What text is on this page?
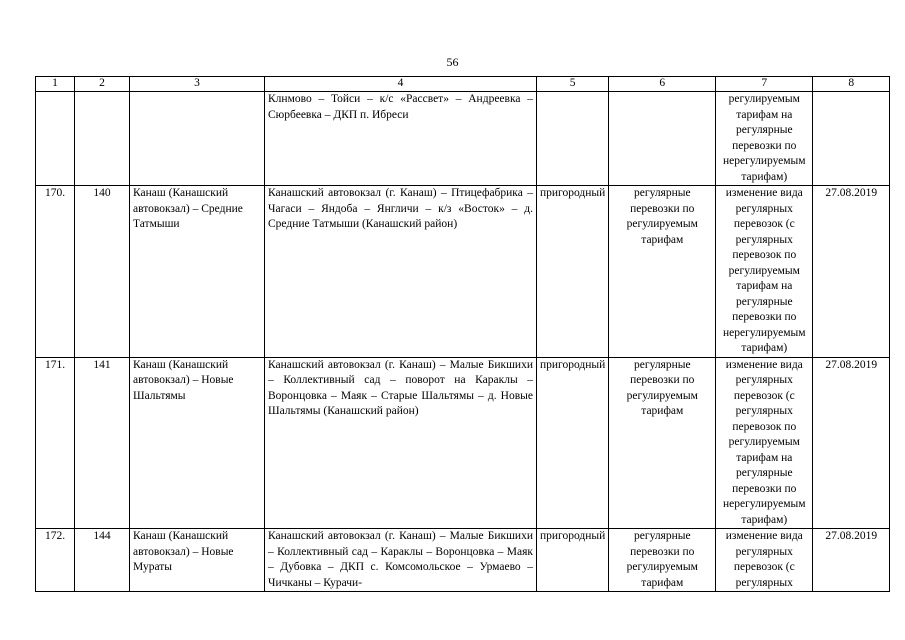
56
1	2	3	4	5	6	7	8
			Клнмово – Тойси – к/с «Рассвет» – Андреевка – Сюрбеевка – ДКП п. Ибреси			регулируемым тарифам на регулярные перевозки по нерегулируемым тарифам)	
170.	140	Канаш (Канашский автовокзал) – Средние Татмыши	Канашский автовокзал (г. Канаш) – Птицефабрика – Чагаси – Яндоба – Янгличи – к/з «Восток» – д. Средние Татмыши (Канашский район)	пригородный	регулярные перевозки по регулируемым тарифам	изменение вида регулярных перевозок (с регулярных перевозок по регулируемым тарифам на регулярные перевозки по нерегулируемым тарифам)	27.08.2019
171.	141	Канаш (Канашский автовокзал) – Новые Шальтямы	Канашский автовокзал (г. Канаш) – Малые Бикшихи – Коллективный сад – поворот на Караклы – Воронцовка – Маяк – Старые Шальтямы – д. Новые Шальтямы (Канашский район)	пригородный	регулярные перевозки по регулируемым тарифам	изменение вида регулярных перевозок (с регулярных перевозок по регулируемым тарифам на регулярные перевозки по нерегулируемым тарифам)	27.08.2019
172.	144	Канаш (Канашский автовокзал) – Новые Мураты	Канашский автовокзал (г. Канаш) – Малые Бикшихи – Коллективный сад – Караклы – Воронцовка – Маяк – Дубовка – ДКП с. Комсомольское – Урмаево – Чичканы – Курачи-	пригородный	регулярные перевозки по регулируемым тарифам	изменение вида регулярных перевозок (с регулярных	27.08.2019
